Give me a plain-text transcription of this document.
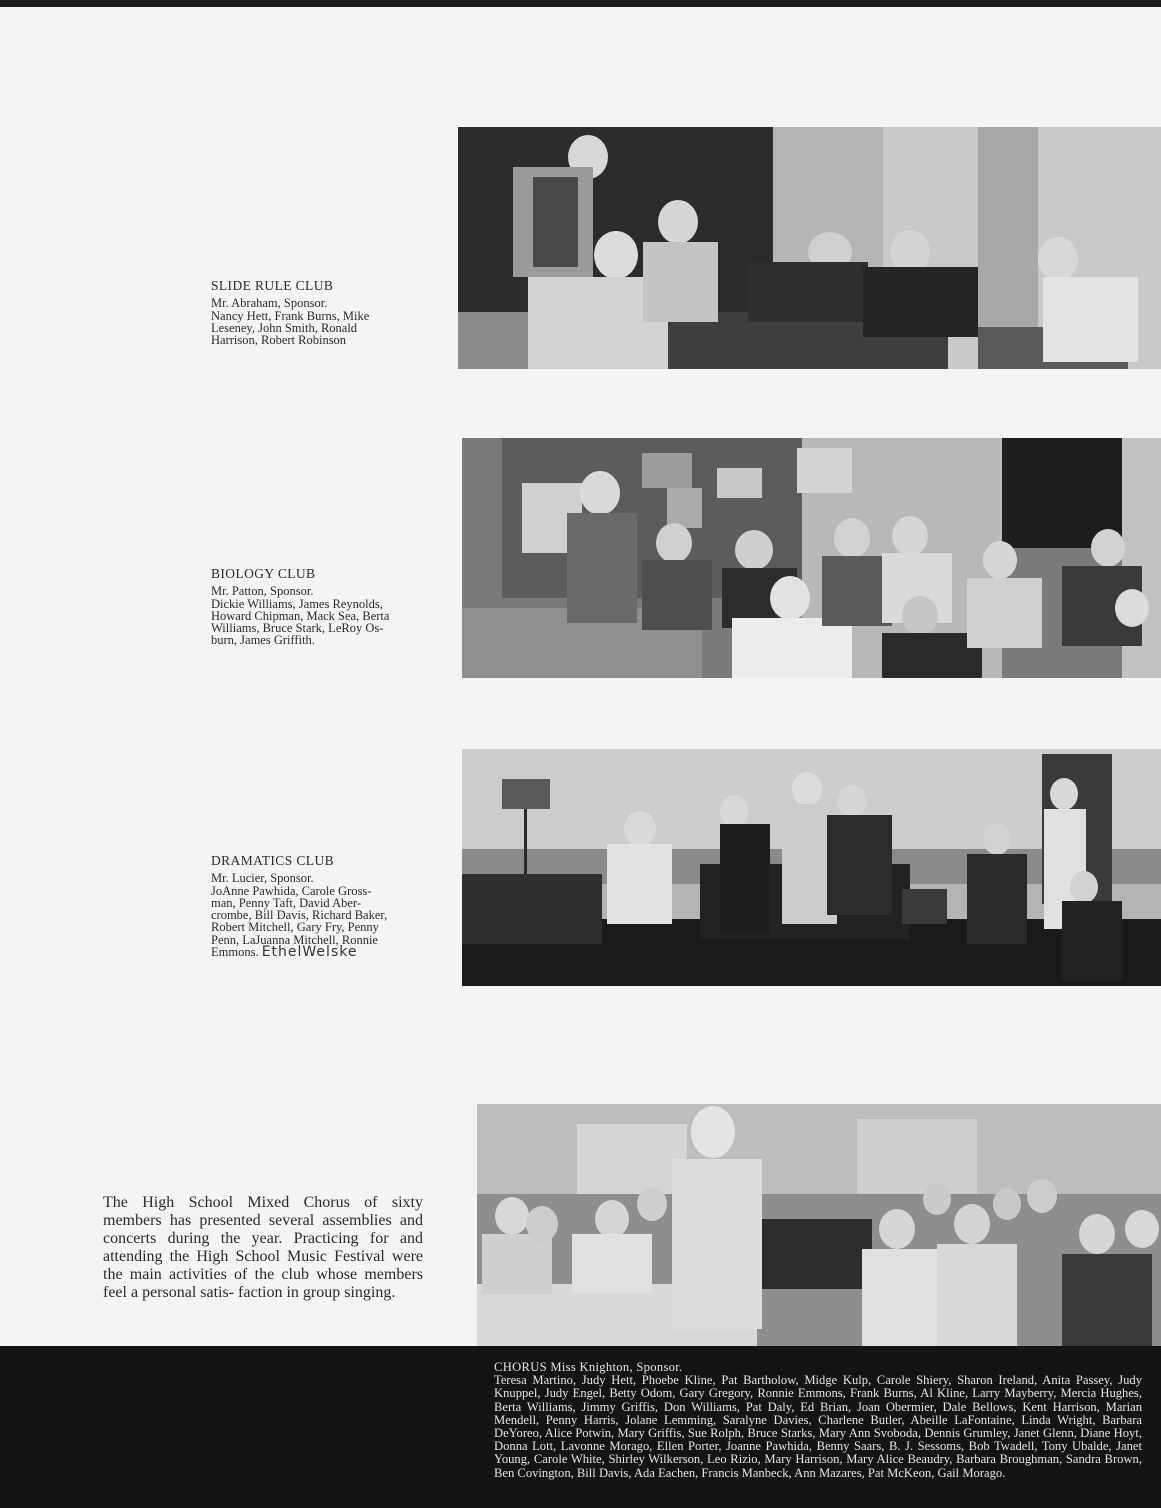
SLIDE RULE CLUB
Mr. Abraham, Sponsor.
Nancy Hett, Frank Burns, Mike
Leseney, John Smith, Ronald
Harrison, Robert Robinson
BIOLOGY CLUB
Mr. Patton, Sponsor.
Dickie Williams, James Reynolds,
Howard Chipman, Mack Sea, Berta
Williams, Bruce Stark, LeRoy Os-
burn, James Griffith.
DRAMATICS CLUB
Mr. Lucier, Sponsor.
JoAnne Pawhida, Carole Gross-
man, Penny Taft, David Aber-
crombe, Bill Davis, Richard Baker,
Robert Mitchell, Gary Fry, Penny
Penn, LaJuanna Mitchell, Ronnie
Emmons. EthelWelske
The High School Mixed Chorus of sixty members has presented several assemblies and concerts during the year. Practicing for and attending the High School Music Festival were the main activities of the club whose members feel a personal satis- faction in group singing.
CHORUS Miss Knighton, Sponsor.
Teresa Martino, Judy Hett, Phoebe Kline, Pat Bartholow, Midge Kulp, Carole Shiery, Sharon Ireland, Anita Passey, Judy Knuppel, Judy Engel, Betty Odom, Gary Gregory, Ronnie Emmons, Frank Burns, Al Kline, Larry Mayberry, Mercia Hughes, Berta Williams, Jimmy Griffis, Don Williams, Pat Daly, Ed Brian, Joan Obermier, Dale Bellows, Kent Harrison, Marian Mendell, Penny Harris, Jolane Lemming, Saralyne Davies, Charlene Butler, Abeille LaFontaine, Linda Wright, Barbara DeYoreo, Alice Potwin, Mary Griffis, Sue Rolph, Bruce Starks, Mary Ann Svoboda, Dennis Grumley, Janet Glenn, Diane Hoyt, Donna Lott, Lavonne Morago, Ellen Porter, Joanne Pawhida, Benny Saars, B. J. Sessoms, Bob Twadell, Tony Ubalde, Janet Young, Carole White, Shirley Wilkerson, Leo Rizio, Mary Harrison, Mary Alice Beaudry, Barbara Broughman, Sandra Brown, Ben Covington, Bill Davis, Ada Eachen, Francis Manbeck, Ann Mazares, Pat McKeon, Gail Morago.
